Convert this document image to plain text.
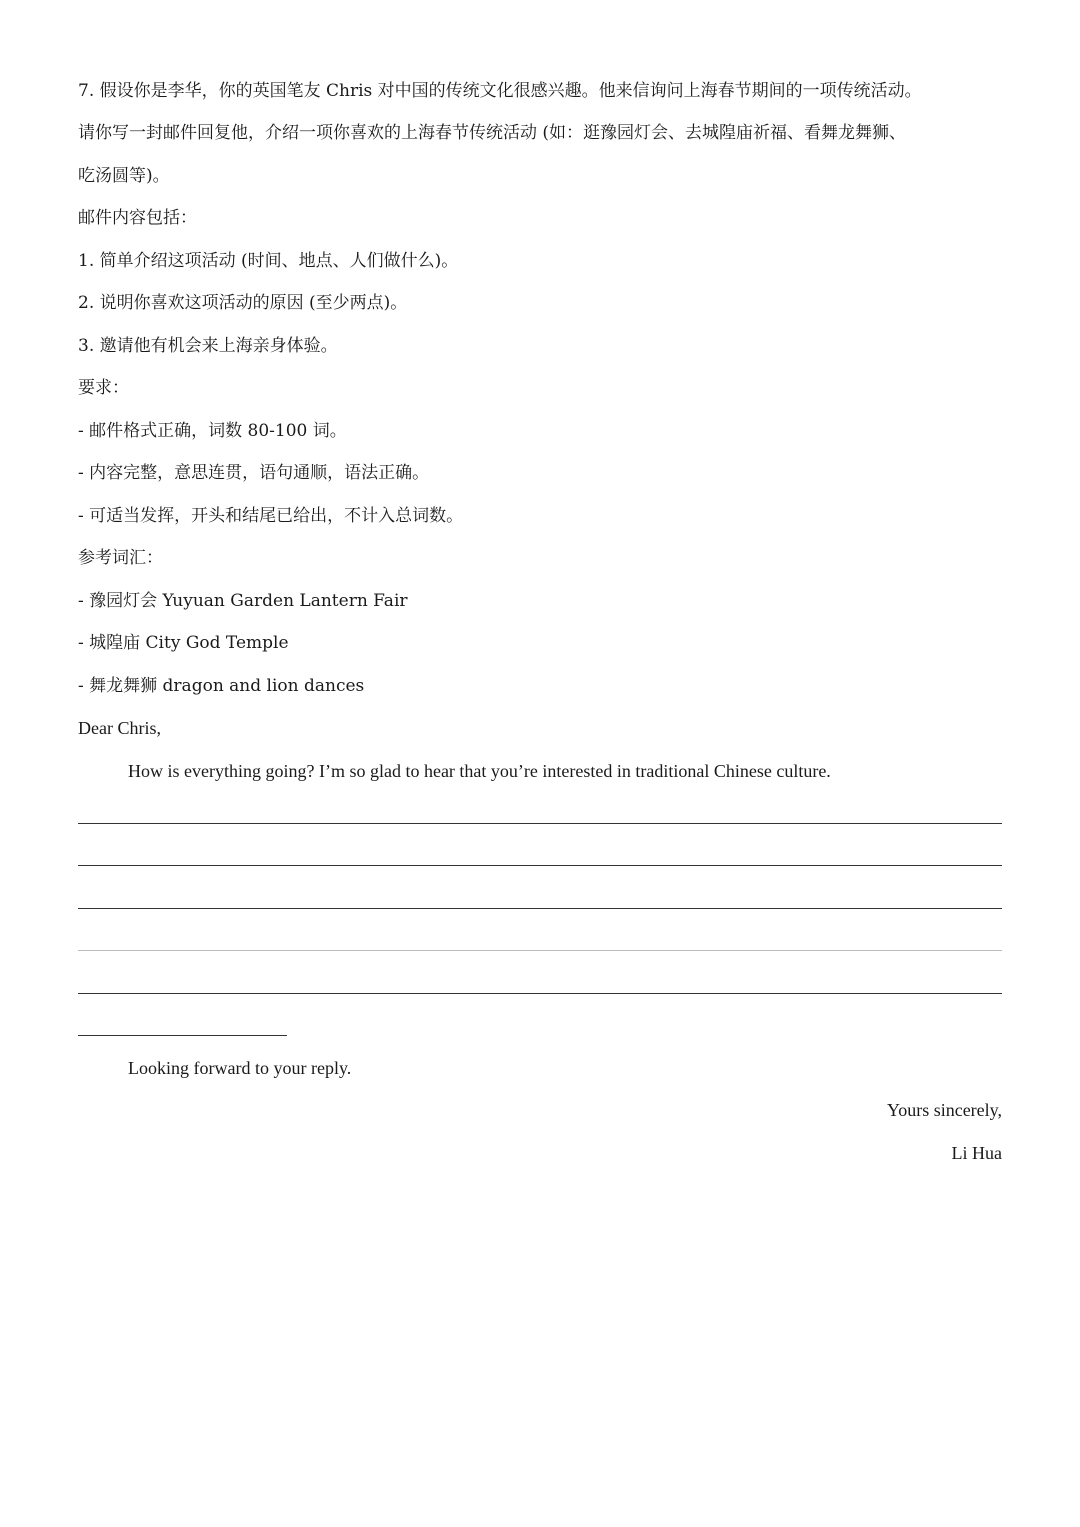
7. 假设你是李华，你的英国笔友 Chris 对中国的传统文化很感兴趣。他来信询问上海春节期间的一项传统活动。
请你写一封邮件回复他，介绍一项你喜欢的上海春节传统活动 (如：逛豫园灯会、去城隍庙祈福、看舞龙舞狮、
吃汤圆等)。
邮件内容包括：
1. 简单介绍这项活动 (时间、地点、人们做什么)。
2. 说明你喜欢这项活动的原因 (至少两点)。
3. 邀请他有机会来上海亲身体验。
要求：
- 邮件格式正确，词数 80-100 词。
- 内容完整，意思连贯，语句通顺，语法正确。
- 可适当发挥，开头和结尾已给出，不计入总词数。
参考词汇：
- 豫园灯会 Yuyuan Garden Lantern Fair
- 城隍庙 City God Temple
- 舞龙舞狮 dragon and lion dances
Dear Chris,
How is everything going? I’m so glad to hear that you’re interested in traditional Chinese culture.
Looking forward to your reply.
Yours sincerely,
Li Hua
